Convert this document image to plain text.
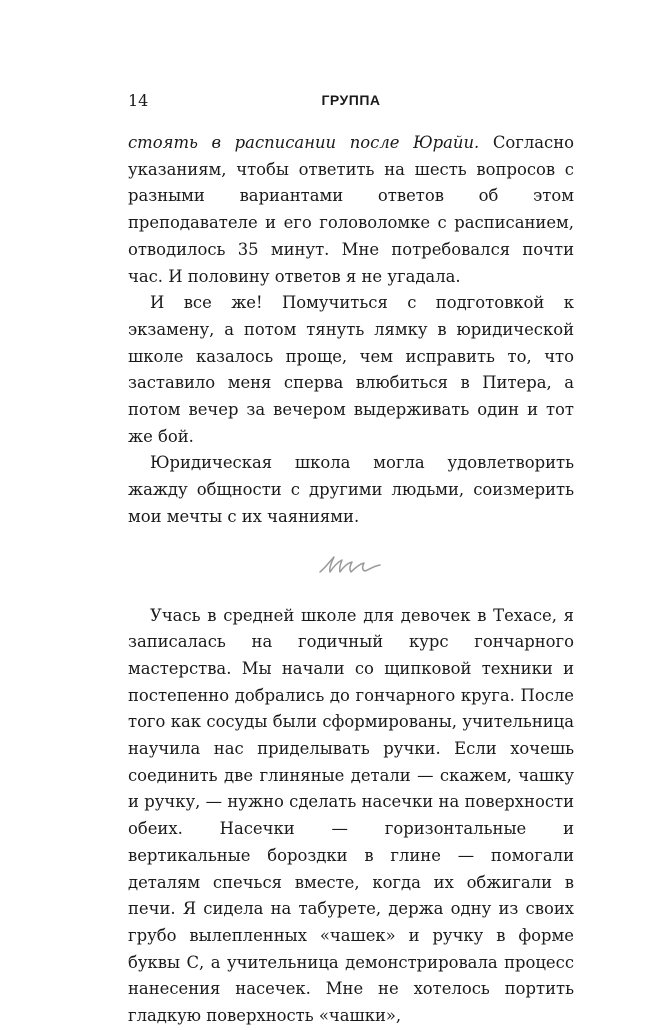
14	ГРУППА

стоять в расписании после Юрайи. Согласно указаниям, чтобы ответить на шесть вопросов с разными вариантами ответов об этом преподавателе и его головоломке с расписанием, отводилось 35 минут. Мне потребовался почти час. И половину ответов я не угадала.

И все же! Помучиться с подготовкой к экзамену, а потом тянуть лямку в юридической школе казалось проще, чем исправить то, что заставило меня сперва влюбиться в Питера, а потом вечер за вечером выдерживать один и тот же бой.

Юридическая школа могла удовлетворить жажду общности с другими людьми, соизмерить мои мечты с их чаяниями.

Учась в средней школе для девочек в Техасе, я записалась на годичный курс гончарного мастерства. Мы начали со щипковой техники и постепенно добрались до гончарного круга. После того как сосуды были сформированы, учительница научила нас приделывать ручки. Если хочешь соединить две глиняные детали — скажем, чашку и ручку, — нужно сделать насечки на поверхности обеих. Насечки — горизонтальные и вертикальные бороздки в глине — помогали деталям спечься вместе, когда их обжигали в печи. Я сидела на табурете, держа одну из своих грубо вылепленных «чашек» и ручку в форме буквы С, а учительница демонстрировала процесс нанесения насечек. Мне не хотелось портить гладкую поверхность «чашки»,
